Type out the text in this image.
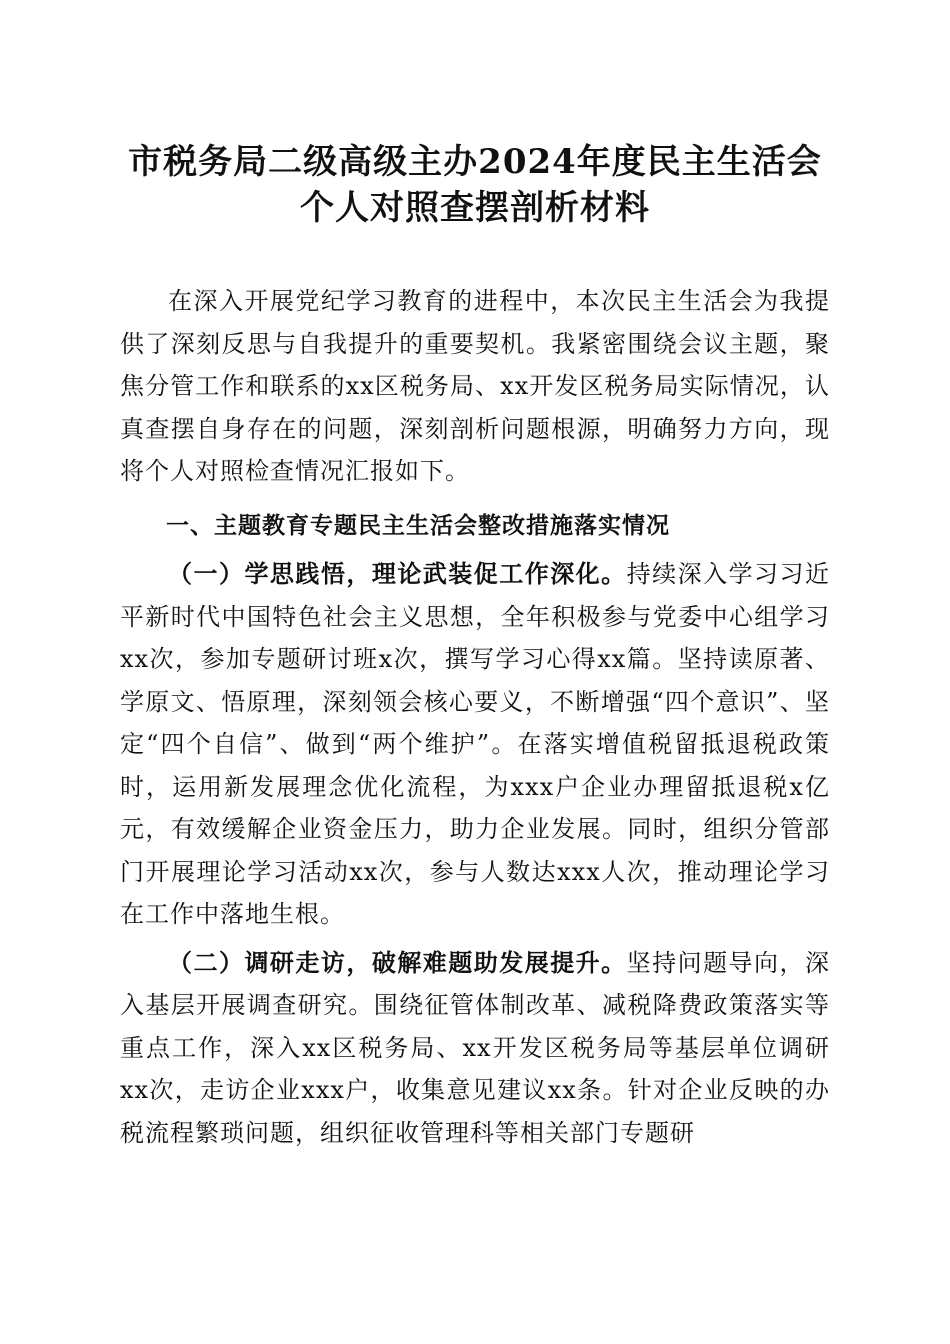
市税务局二级高级主办2024年度民主生活会
个人对照查摆剖析材料

在深入开展党纪学习教育的进程中，本次民主生活会为我提供了深刻反思与自我提升的重要契机。我紧密围绕会议主题，聚焦分管工作和联系的xx区税务局、xx开发区税务局实际情况，认真查摆自身存在的问题，深刻剖析问题根源，明确努力方向，现将个人对照检查情况汇报如下。

一、主题教育专题民主生活会整改措施落实情况

（一）学思践悟，理论武装促工作深化。持续深入学习习近平新时代中国特色社会主义思想，全年积极参与党委中心组学习xx次，参加专题研讨班x次，撰写学习心得xx篇。坚持读原著、学原文、悟原理，深刻领会核心要义，不断增强“四个意识”、坚定“四个自信”、做到“两个维护”。在落实增值税留抵退税政策时，运用新发展理念优化流程，为xxx户企业办理留抵退税x亿元，有效缓解企业资金压力，助力企业发展。同时，组织分管部门开展理论学习活动xx次，参与人数达xxx人次，推动理论学习在工作中落地生根。

（二）调研走访，破解难题助发展提升。坚持问题导向，深入基层开展调查研究。围绕征管体制改革、减税降费政策落实等重点工作，深入xx区税务局、xx开发区税务局等基层单位调研xx次，走访企业xxx户，收集意见建议xx条。针对企业反映的办税流程繁琐问题，组织征收管理科等相关部门专题研
